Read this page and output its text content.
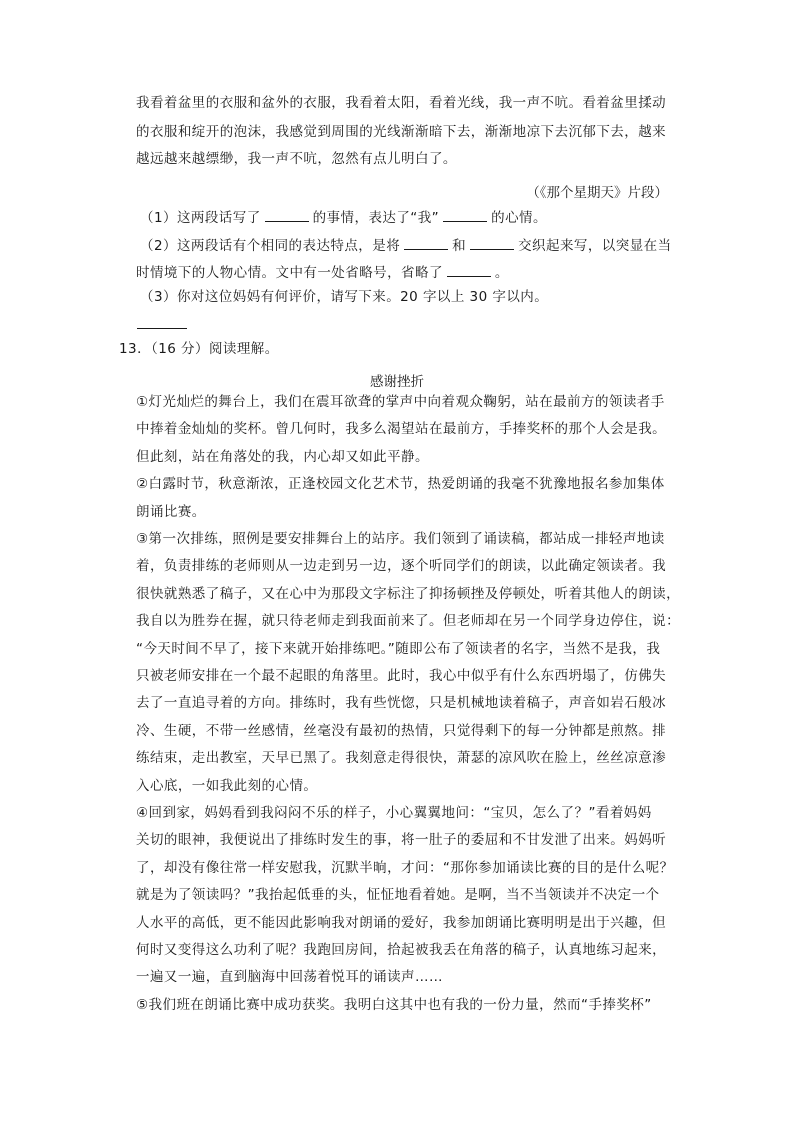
我看着盆里的衣服和盆外的衣服，我看着太阳，看着光线，我一声不吭。看着盆里揉动
的衣服和绽开的泡沫，我感觉到周围的光线渐渐暗下去，渐渐地凉下去沉郁下去，越来
越远越来越缥缈，我一声不吭，忽然有点儿明白了。
（《那个星期天》片段）
（1）这两段话写了	的事情，表达了“我”	的心情。
（2）这两段话有个相同的表达特点，是将	和	交织起来写，以突显在当
时情境下的人物心情。文中有一处省略号，省略了	。
（3）你对这位妈妈有何评价，请写下来。20 字以上 30 字以内。
13．（16 分）阅读理解。
感谢挫折
①灯光灿烂的舞台上，我们在震耳欲聋的掌声中向着观众鞠躬，站在最前方的领读者手
中捧着金灿灿的奖杯。曾几何时，我多么渴望站在最前方，手捧奖杯的那个人会是我。
但此刻，站在角落处的我，内心却又如此平静。
②白露时节，秋意渐浓，正逢校园文化艺术节，热爱朗诵的我毫不犹豫地报名参加集体
朗诵比赛。
③第一次排练，照例是要安排舞台上的站序。我们领到了诵读稿，都站成一排轻声地读
着，负责排练的老师则从一边走到另一边，逐个听同学们的朗读，以此确定领读者。我
很快就熟悉了稿子，又在心中为那段文字标注了抑扬顿挫及停顿处，听着其他人的朗读，
我自以为胜券在握，就只待老师走到我面前来了。但老师却在另一个同学身边停住，说：
“今天时间不早了，接下来就开始排练吧。”随即公布了领读者的名字，当然不是我，我
只被老师安排在一个最不起眼的角落里。此时，我心中似乎有什么东西坍塌了，仿佛失
去了一直追寻着的方向。排练时，我有些恍惚，只是机械地读着稿子，声音如岩石般冰
冷、生硬，不带一丝感情，丝毫没有最初的热情，只觉得剩下的每一分钟都是煎熬。排
练结束，走出教室，天早已黑了。我刻意走得很快，萧瑟的凉风吹在脸上，丝丝凉意渗
入心底，一如我此刻的心情。
④回到家，妈妈看到我闷闷不乐的样子，小心翼翼地问：“宝贝，怎么了？”看着妈妈
关切的眼神，我便说出了排练时发生的事，将一肚子的委屈和不甘发泄了出来。妈妈听
了，却没有像往常一样安慰我，沉默半晌，才问：“那你参加诵读比赛的目的是什么呢？
就是为了领读吗？”我抬起低垂的头，怔怔地看着她。是啊，当不当领读并不决定一个
人水平的高低，更不能因此影响我对朗诵的爱好，我参加朗诵比赛明明是出于兴趣，但
何时又变得这么功利了呢？我跑回房间，拾起被我丢在角落的稿子，认真地练习起来，
一遍又一遍，直到脑海中回荡着悦耳的诵读声……
⑤我们班在朗诵比赛中成功获奖。我明白这其中也有我的一份力量，然而“手捧奖杯”
